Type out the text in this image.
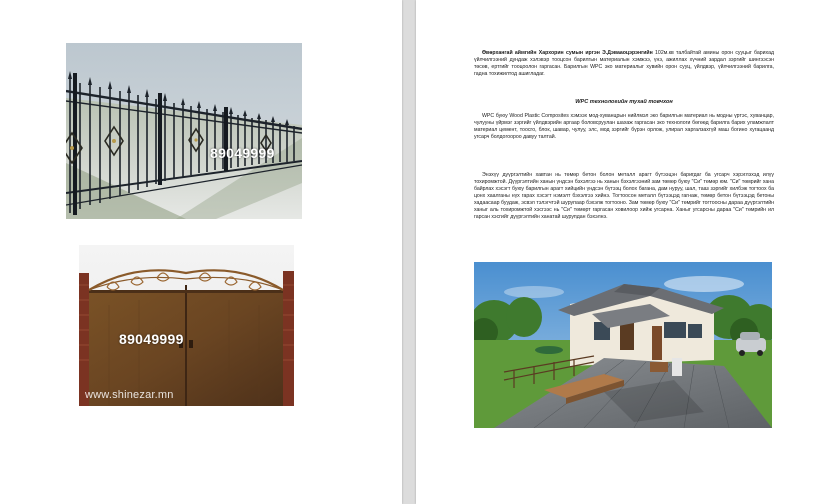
89049999
89049999
www.shinezar.mn

Өвөрхангай аймгийн Хархорин сумын иргэн Э.Дэвааоцэрэнгийн 102м.кв талбайтай амины орон сууцыг барихад үйлчилгээний дундаж хэлэвэр тооцсон барилгын материалын хэмжээ, үнэ, ажиллах хүчний зардал зэргийг шингээсэн төсөв, ертгийг тооцоолон гаргасан. Барилгын WPC эко материалыг хувийн орон сууц, үйлдвэр, үйлчилгээний барилга, гадна тохижилтод ашигладаг.

WPC технологийн тухай товчхон

WPC буюу Wood Plastic Composites хэмээх мод-хуванцрын нийлмэл эко барилгын материал нь модны үртэс, хуванцар, чулууны үйрмэг зэргийг үйлдвэрийн аргаар боловсруулан шахаж гаргасан эко технологи бөгөөд барилга барих уламжлалт материал цемент, тоосго, блок, шавар, чулуу, элс, мод зэргийг бүрэн орлож, улирал харгалзахгүй маш богино хугацаанд угсарч болдогоороо давуу талтай.

Энэхүү дүүргэлтийн хавтан нь төмөр бетон болон металл арагт бүтээцэн баригдаг ба угсарч хэрэглэхэд илүү тохиромжтой. Дүүргэлтийн ханын үндсэн бэхэлгээ нь ханын бэхэлгээний зам төмөр буюу "Си" төмөр юм. "Си" төмрийг хана байрлах хэсэгт буюу барилгын арагт хийцийн үндсэн бүтээц болох багана, дам нуруу, шал, тааз зэргийг хилбэж тогтоох ба цонх хаалганы нүх гарах хэсэгт нэмэлт бэхэлгээ хийнэ. Тогтоосон металл бүтээцэд гагнаж, төмөр бетон бүтээцэд бетоны хадаасаар буудаж, эсвэл тэлэгчтэй шурупаар бэхэлж тогтооно. Зам төмөр буюу "Си" төмрийг тогтоосны дараа дүүргэлтийн ханыг аль тохиромжтой хэсгээс нь "Си" төмөрт гаргасан ховилоор хийж угсарна. Ханыг угсарсны дараа "Си" төмрийн ил гарсан хэсгийг дүүргэлтийн ханатай шурупдан бэхэлнэ.
